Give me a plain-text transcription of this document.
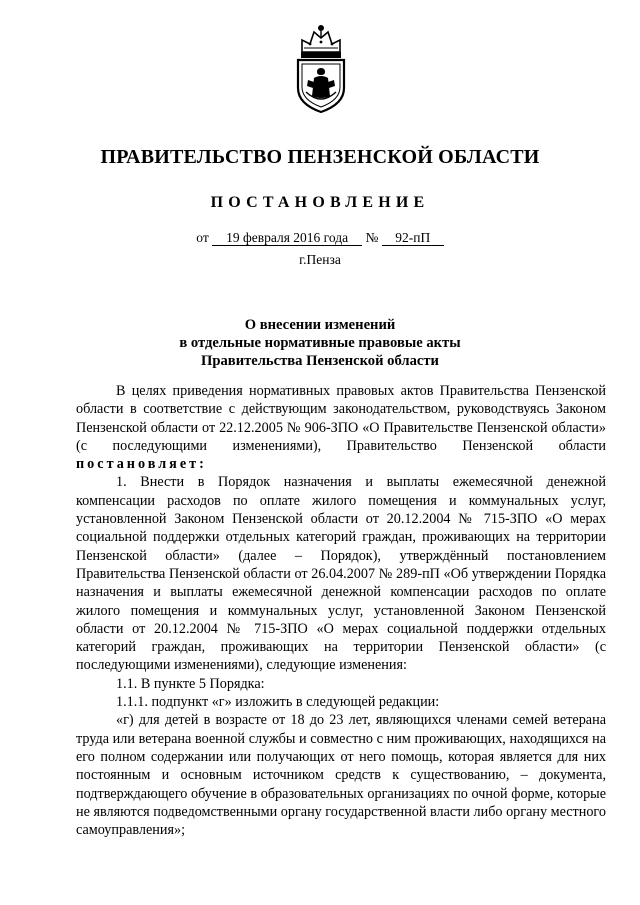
ПРАВИТЕЛЬСТВО ПЕНЗЕНСКОЙ ОБЛАСТИ
ПОСТАНОВЛЕНИЕ
от 19 февраля 2016 года № 92-пП
г.Пенза
О внесении изменений
в отдельные нормативные правовые акты
Правительства Пензенской области

В целях приведения нормативных правовых актов Правительства Пензенской области в соответствие с действующим законодательством, руководствуясь Законом Пензенской области от 22.12.2005 № 906-ЗПО «О Правительстве Пензенской области» (с последующими изменениями), Правительство Пензенской области постановляет:

1. Внести в Порядок назначения и выплаты ежемесячной денежной компенсации расходов по оплате жилого помещения и коммунальных услуг, установленной Законом Пензенской области от 20.12.2004 № 715-ЗПО «О мерах социальной поддержки отдельных категорий граждан, проживающих на территории Пензенской области» (далее – Порядок), утверждённый постановлением Правительства Пензенской области от 26.04.2007 № 289-пП «Об утверждении Порядка назначения и выплаты ежемесячной денежной компенсации расходов по оплате жилого помещения и коммунальных услуг, установленной Законом Пензенской области от 20.12.2004 № 715-ЗПО «О мерах социальной поддержки отдельных категорий граждан, проживающих на территории Пензенской области» (с последующими изменениями), следующие изменения:

1.1. В пункте 5 Порядка:

1.1.1. подпункт «г» изложить в следующей редакции:

«г) для детей в возрасте от 18 до 23 лет, являющихся членами семей ветерана труда или ветерана военной службы и совместно с ним проживающих, находящихся на его полном содержании или получающих от него помощь, которая является для них постоянным и основным источником средств к существованию, – документа, подтверждающего обучение в образовательных организациях по очной форме, которые не являются подведомственными органу государственной власти либо органу местного самоуправления»;
